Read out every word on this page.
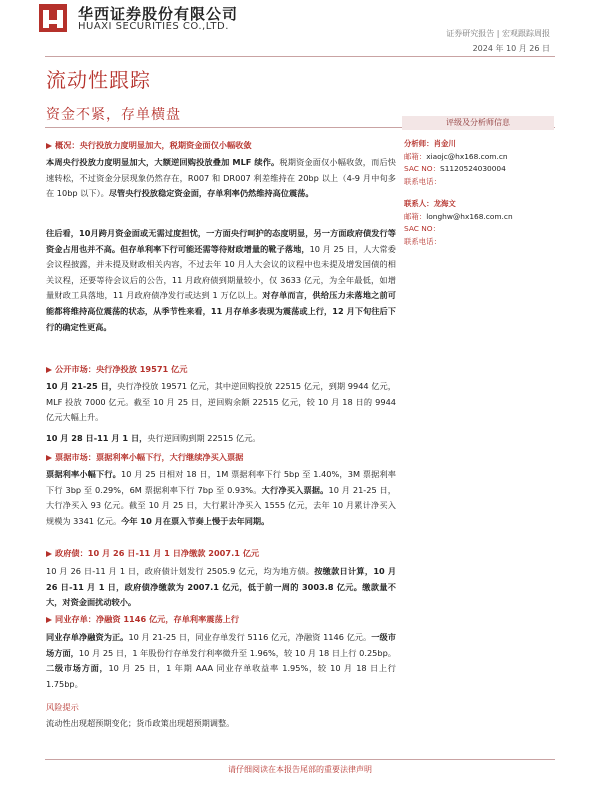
华西证券股份有限公司
HUAXI SECURITIES CO.,LTD.
证券研究报告 | 宏观跟踪周报
2024 年 10 月 26 日
流动性跟踪
资金不紧，存单横盘	评级及分析师信息
分析师：肖金川
邮箱：xiaojc@hx168.com.cn
SAC NO：S1120524030004
联系电话：
联系人：龙海文
邮箱：longhw@hx168.com.cn
SAC NO：
联系电话：
概况：央行投放力度明显加大，税期资金面仅小幅收敛
本周央行投放力度明显加大，大额逆回购投放叠加 MLF 续作。税期资金面仅小幅收敛，而后快速转松，不过资金分层现象仍然存在，R007 和 DR007 利差维持在 20bp 以上（4-9 月中旬多在 10bp 以下）。尽管央行投放稳定资金面，存单利率仍然维持高位震荡。
往后看，10月跨月资金面或无需过度担忧，一方面央行呵护的态度明显，另一方面政府债发行等资金占用也并不高。但存单利率下行可能还需等待财政增量的靴子落地，10 月 25 日，人大常委会议程披露，并未提及财政相关内容，不过去年 10 月人大会议的议程中也未提及增发国债的相关议程，还要等待会议后的公告，11 月政府债到期量较小，仅 3633 亿元，为全年最低，如增量财政工具落地，11 月政府债净发行或达到 1 万亿以上。对存单而言，供给压力未落地之前可能都将维持高位震荡的状态，从季节性来看，11 月存单多表现为震荡或上行，12 月下旬往后下行的确定性更高。
公开市场：央行净投放 19571 亿元
10 月 21-25 日，央行净投放 19571 亿元，其中逆回购投放 22515 亿元，到期 9944 亿元，MLF 投放 7000 亿元。截至 10 月 25 日，逆回购余额 22515 亿元，较 10 月 18 日的 9944 亿元大幅上升。
10 月 28 日-11 月 1 日，央行逆回购到期 22515 亿元。
票据市场：票据利率小幅下行，大行继续净买入票据
票据利率小幅下行。10 月 25 日相对 18 日，1M 票据利率下行 5bp 至 1.40%，3M 票据利率下行 3bp 至 0.29%，6M 票据利率下行 7bp 至 0.93%。大行净买入票据。10 月 21-25 日，大行净买入 93 亿元。截至 10 月 25 日，大行累计净买入 1555 亿元，去年 10 月累计净买入规模为 3341 亿元。今年 10 月在票入节奏上慢于去年同期。
政府债：10 月 26 日-11 月 1 日净缴款 2007.1 亿元
10 月 26 日-11 月 1 日，政府债计划发行 2505.9 亿元，均为地方债。按缴款日计算，10 月 26 日-11 月 1 日，政府债净缴款为 2007.1 亿元，低于前一周的 3003.8 亿元。缴款量不大，对资金面扰动较小。
同业存单：净融资 1146 亿元，存单利率震荡上行
同业存单净融资为正。10 月 21-25 日，同业存单发行 5116 亿元，净融资 1146 亿元。一级市场方面，10 月 25 日，1 年股份行存单发行利率微升至 1.96%，较 10 月 18 日上行 0.25bp。二级市场方面，10 月 25 日，1 年期 AAA 同业存单收益率 1.95%，较 10 月 18 日上行 1.75bp。
风险提示
流动性出现超预期变化；货币政策出现超预期调整。
请仔细阅读在本报告尾部的重要法律声明
